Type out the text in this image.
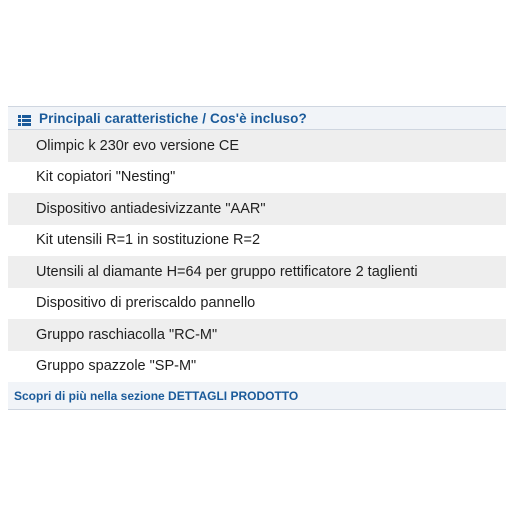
Principali caratteristiche / Cos'è incluso?
Olimpic k 230r evo versione CE
Kit copiatori "Nesting"
Dispositivo antiadesivizzante "AAR"
Kit utensili R=1 in sostituzione R=2
Utensili al diamante H=64 per gruppo rettificatore 2 taglienti
Dispositivo di preriscaldo pannello
Gruppo raschiacolla "RC-M"
Gruppo spazzole "SP-M"
Scopri di più nella sezione DETTAGLI PRODOTTO
